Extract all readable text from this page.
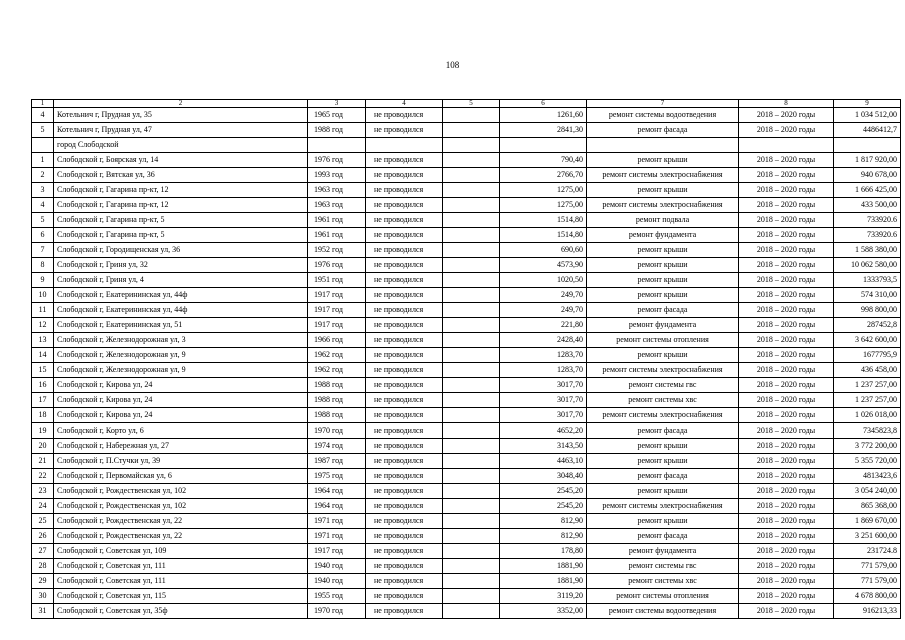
108
1	2	3	4	5	6	7	8	9
4	Котельнич г, Прудная ул, 35	1965 год	не проводился		1261,60	ремонт системы водоотведения	2018 – 2020 годы	1 034 512,00
5	Котельнич г, Прудная ул, 47	1988 год	не проводился		2841,30	ремонт фасада	2018 – 2020 годы	4486412,7
	город Слободской							
1	Слободской г, Боярская ул, 14	1976 год	не проводился		790,40	ремонт крыши	2018 – 2020 годы	1 817 920,00
2	Слободской г, Вятская ул, 36	1993 год	не проводился		2766,70	ремонт системы электроснабжения	2018 – 2020 годы	940 678,00
3	Слободской г, Гагарина пр-кт, 12	1963 год	не проводился		1275,00	ремонт крыши	2018 – 2020 годы	1 666 425,00
4	Слободской г, Гагарина пр-кт, 12	1963 год	не проводился		1275,00	ремонт системы электроснабжения	2018 – 2020 годы	433 500,00
5	Слободской г, Гагарина пр-кт, 5	1961 год	не проводился		1514,80	ремонт подвала	2018 – 2020 годы	733920.6
6	Слободской г, Гагарина пр-кт, 5	1961 год	не проводился		1514,80	ремонт фундамента	2018 – 2020 годы	733920.6
7	Слободской г, Городищенская ул, 36	1952 год	не проводился		690,60	ремонт крыши	2018 – 2020 годы	1 588 380,00
8	Слободской г, Гриня ул, 32	1976 год	не проводился		4573,90	ремонт крыши	2018 – 2020 годы	10 062 580,00
9	Слободской г, Гриня ул, 4	1951 год	не проводился		1020,50	ремонт крыши	2018 – 2020 годы	1333793,5
10	Слободской г, Екатерининская ул, 44ф	1917 год	не проводился		249,70	ремонт крыши	2018 – 2020 годы	574 310,00
11	Слободской г, Екатерининская ул, 44ф	1917 год	не проводился		249,70	ремонт фасада	2018 – 2020 годы	998 800,00
12	Слободской г, Екатерининская ул, 51	1917 год	не проводился		221,80	ремонт фундамента	2018 – 2020 годы	287452,8
13	Слободской г, Железнодорожная ул, 3	1966 год	не проводился		2428,40	ремонт системы отопления	2018 – 2020 годы	3 642 600,00
14	Слободской г, Железнодорожная ул, 9	1962 год	не проводился		1283,70	ремонт крыши	2018 – 2020 годы	1677795,9
15	Слободской г, Железнодорожная ул, 9	1962 год	не проводился		1283,70	ремонт системы электроснабжения	2018 – 2020 годы	436 458,00
16	Слободской г, Кирова ул, 24	1988 год	не проводился		3017,70	ремонт системы гвс	2018 – 2020 годы	1 237 257,00
17	Слободской г, Кирова ул, 24	1988 год	не проводился		3017,70	ремонт системы хвс	2018 – 2020 годы	1 237 257,00
18	Слободской г, Кирова ул, 24	1988 год	не проводился		3017,70	ремонт системы электроснабжения	2018 – 2020 годы	1 026 018,00
19	Слободской г, Корто ул, 6	1970 год	не проводился		4652,20	ремонт фасада	2018 – 2020 годы	7345823,8
20	Слободской г, Набережная ул, 27	1974 год	не проводился		3143,50	ремонт крыши	2018 – 2020 годы	3 772 200,00
21	Слободской г, П.Стучки ул, 39	1987 год	не проводился		4463,10	ремонт крыши	2018 – 2020 годы	5 355 720,00
22	Слободской г, Первомайская ул, 6	1975 год	не проводился		3048,40	ремонт фасада	2018 – 2020 годы	4813423,6
23	Слободской г, Рождественская ул, 102	1964 год	не проводился		2545,20	ремонт крыши	2018 – 2020 годы	3 054 240,00
24	Слободской г, Рождественская ул, 102	1964 год	не проводился		2545,20	ремонт системы электроснабжения	2018 – 2020 годы	865 368,00
25	Слободской г, Рождественская ул, 22	1971 год	не проводился		812,90	ремонт крыши	2018 – 2020 годы	1 869 670,00
26	Слободской г, Рождественская ул, 22	1971 год	не проводился		812,90	ремонт фасада	2018 – 2020 годы	3 251 600,00
27	Слободской г, Советская ул, 109	1917 год	не проводился		178,80	ремонт фундамента	2018 – 2020 годы	231724.8
28	Слободской г, Советская ул, 111	1940 год	не проводился		1881,90	ремонт системы гвс	2018 – 2020 годы	771 579,00
29	Слободской г, Советская ул, 111	1940 год	не проводился		1881,90	ремонт системы хвс	2018 – 2020 годы	771 579,00
30	Слободской г, Советская ул, 115	1955 год	не проводился		3119,20	ремонт системы отопления	2018 – 2020 годы	4 678 800,00
31	Слободской г, Советская ул, 35ф	1970 год	не проводился		3352,00	ремонт системы водоотведения	2018 – 2020 годы	916213,33
